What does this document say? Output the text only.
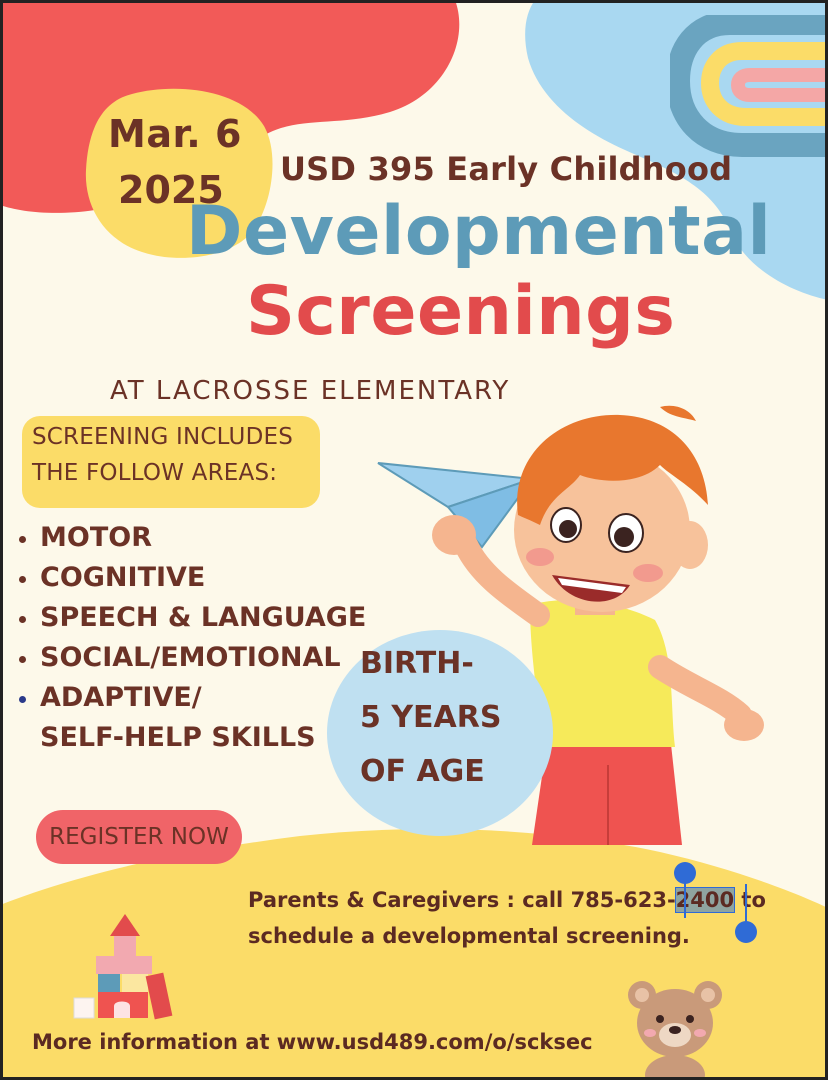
Mar. 6

2025 USD 395 Early Childhood

Developmental

Screenings

AT LACROSSE ELEMENTARY

SCREENING INCLUDES

THE FOLLOW AREAS:

MOTOR

COGNITIVE

SPEECH & LANGUAGE

SOCIAL/EMOTIONAL

ADAPTIVE/

SELF-HELP SKILLS

BIRTH-

5 YEARS

OF AGE

REGISTER NOW

Parents & Caregivers : call 785-623-2400 to

schedule a developmental screening.

More information at www.usd489.com/o/scksec
